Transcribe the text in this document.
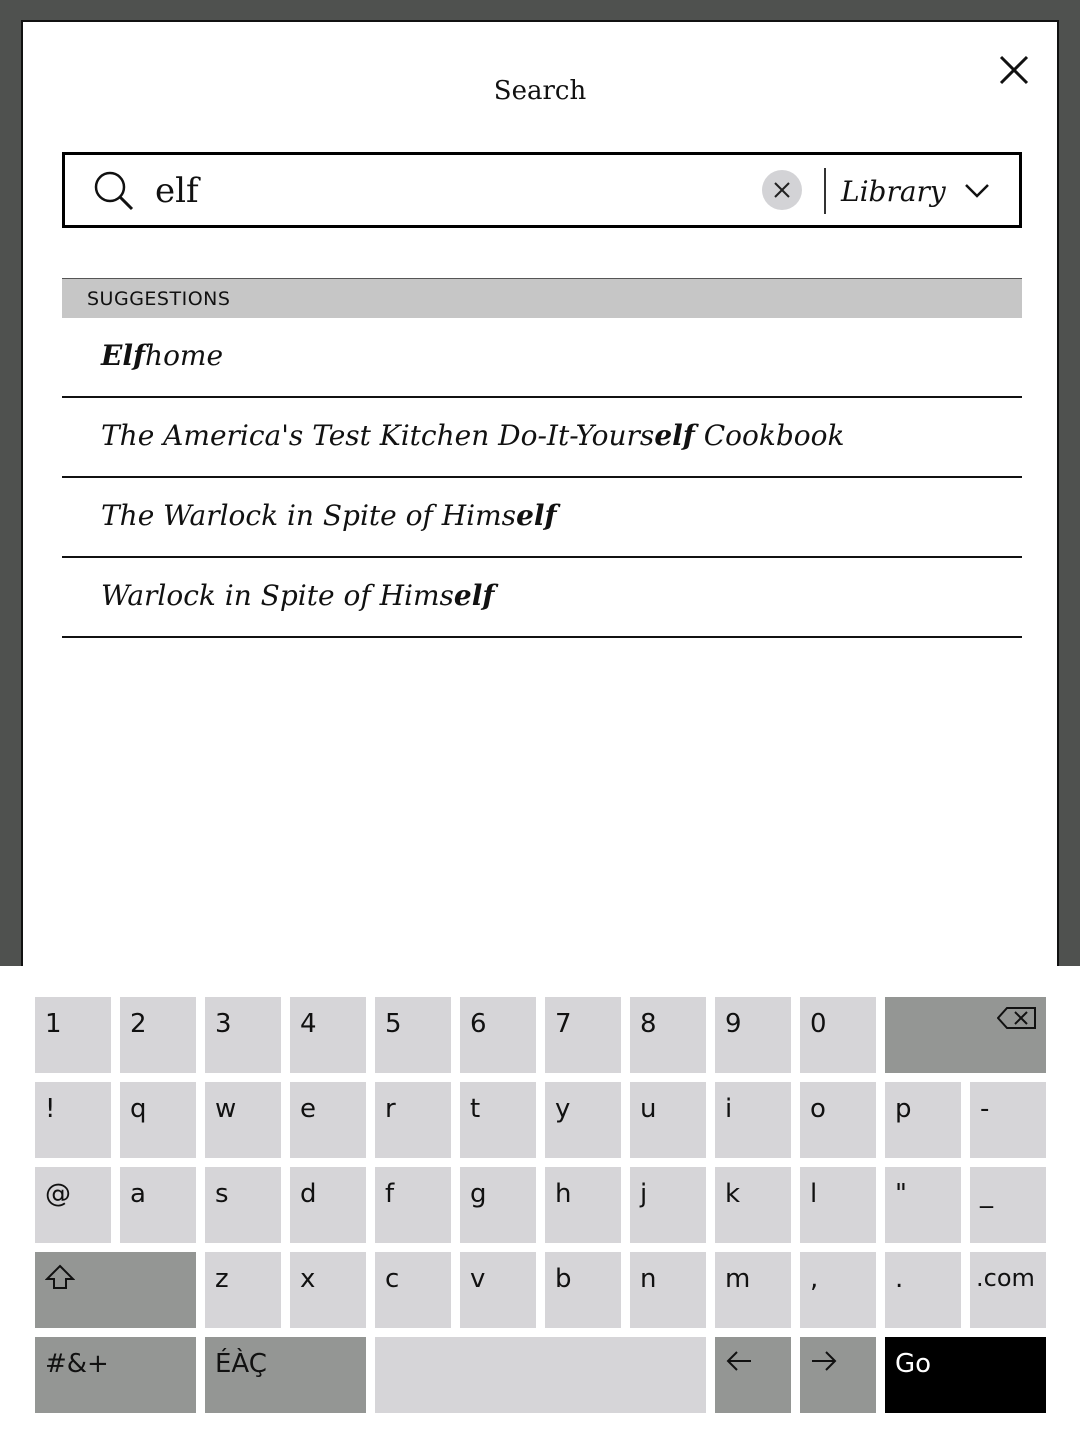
Search
elf
Library
SUGGESTIONS
Elfhome
The America's Test Kitchen Do-It-Yourself Cookbook
The Warlock in Spite of Himself
Warlock in Spite of Himself
1	2	3	4	5	6	7	8	9	0
!	q	w	e	r	t	y	u	i	o	p	-
@	a	s	d	f	g	h	j	k	l	"	_
z	x	c	v	b	n	m	,	.	.com
#&+	ÉÀÇ	Go
